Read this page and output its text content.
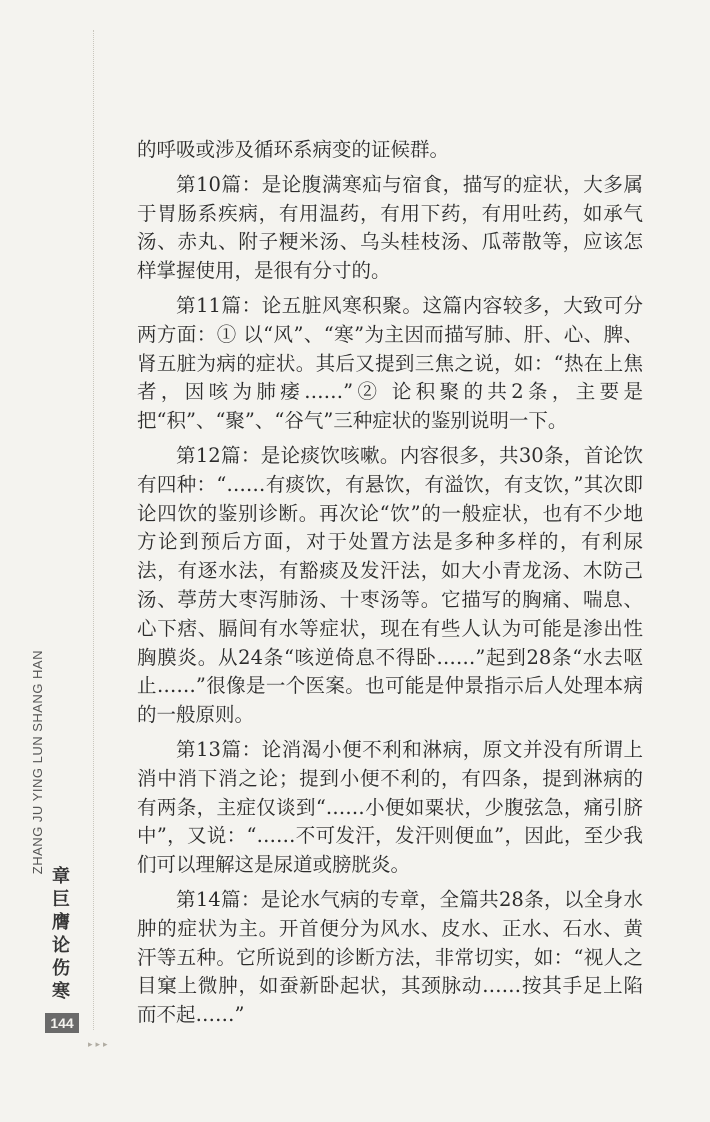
ZHANG JU YING LUN SHANG HAN
章巨膺论伤寒
144
▸▸▸

的呼吸或涉及循环系病变的证候群。

第10篇：是论腹满寒疝与宿食，描写的症状，大多属于胃肠系疾病，有用温药，有用下药，有用吐药，如承气汤、赤丸、附子粳米汤、乌头桂枝汤、瓜蒂散等，应该怎样掌握使用，是很有分寸的。

第11篇：论五脏风寒积聚。这篇内容较多，大致可分两方面：① 以“风”、“寒”为主因而描写肺、肝、心、脾、肾五脏为病的症状。其后又提到三焦之说，如：“热在上焦者，因咳为肺痿……”② 论积聚的共2条，主要是把“积”、“聚”、“谷气”三种症状的鉴别说明一下。

第12篇：是论痰饮咳嗽。内容很多，共30条，首论饮有四种：“……有痰饮，有悬饮，有溢饮，有支饮，”其次即论四饮的鉴别诊断。再次论“饮”的一般症状，也有不少地方论到预后方面，对于处置方法是多种多样的，有利尿法，有逐水法，有豁痰及发汗法，如大小青龙汤、木防己汤、葶苈大枣泻肺汤、十枣汤等。它描写的胸痛、喘息、心下痞、膈间有水等症状，现在有些人认为可能是渗出性胸膜炎。从24条“咳逆倚息不得卧……”起到28条“水去呕止……”很像是一个医案。也可能是仲景指示后人处理本病的一般原则。

第13篇：论消渴小便不利和淋病，原文并没有所谓上消中消下消之论；提到小便不利的，有四条，提到淋病的有两条，主症仅谈到“……小便如粟状，少腹弦急，痛引脐中”，又说：“……不可发汗，发汗则便血”，因此，至少我们可以理解这是尿道或膀胱炎。

第14篇：是论水气病的专章，全篇共28条，以全身水肿的症状为主。开首便分为风水、皮水、正水、石水、黄汗等五种。它所说到的诊断方法，非常切实，如：“视人之目窠上微肿，如蚕新卧起状，其颈脉动……按其手足上陷而不起……”
